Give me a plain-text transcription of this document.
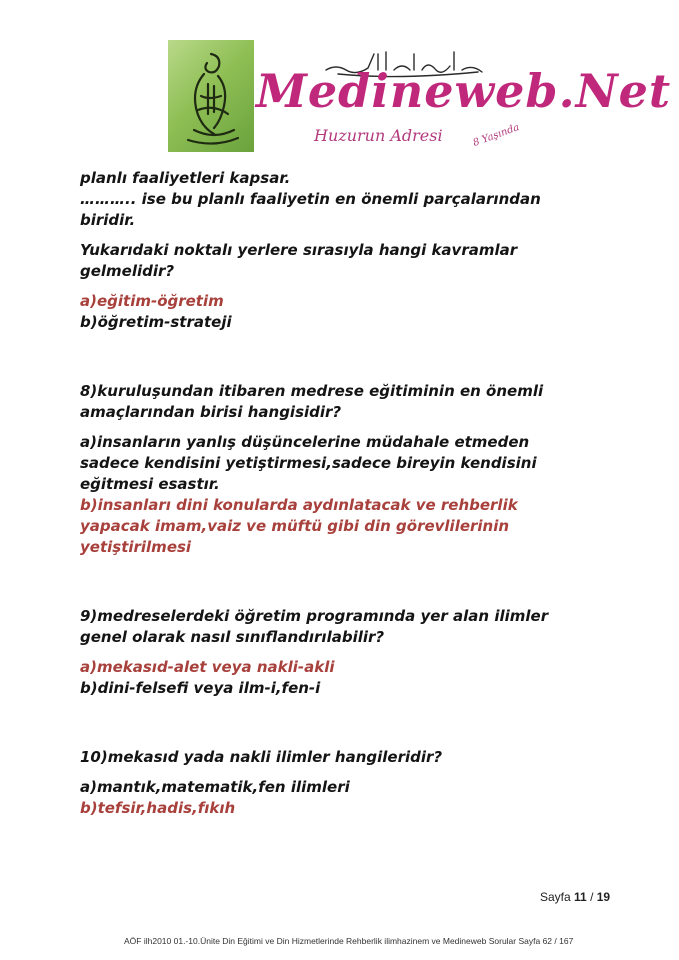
Medineweb.Net
Huzurun Adresi	8 Yaşında
planlı faaliyetleri kapsar.
……….. ise bu planlı faaliyetin en önemli parçalarından
biridir.
Yukarıdaki noktalı yerlere sırasıyla hangi kavramlar
gelmelidir?
a)eğitim-öğretim
b)öğretim-strateji
8)kuruluşundan itibaren medrese eğitiminin en önemli
amaçlarından birisi hangisidir?
a)insanların yanlış düşüncelerine müdahale etmeden
sadece kendisini yetiştirmesi,sadece bireyin kendisini
eğitmesi esastır.
b)insanları dini konularda aydınlatacak ve rehberlik
yapacak imam,vaiz ve müftü gibi din görevlilerinin
yetiştirilmesi
9)medreselerdeki öğretim programında yer alan ilimler
genel olarak nasıl sınıflandırılabilir?
a)mekasıd-alet veya nakli-akli
b)dini-felsefi veya ilm-i,fen-i
10)mekasıd yada nakli ilimler hangileridir?
a)mantık,matematik,fen ilimleri
b)tefsir,hadis,fıkıh
Sayfa 11 / 19
AÖF ilh2010 01.-10.Ünite Din Eğitimi ve Din Hizmetlerinde Rehberlik ilimhazinem ve Medineweb Sorular Sayfa 62 / 167
